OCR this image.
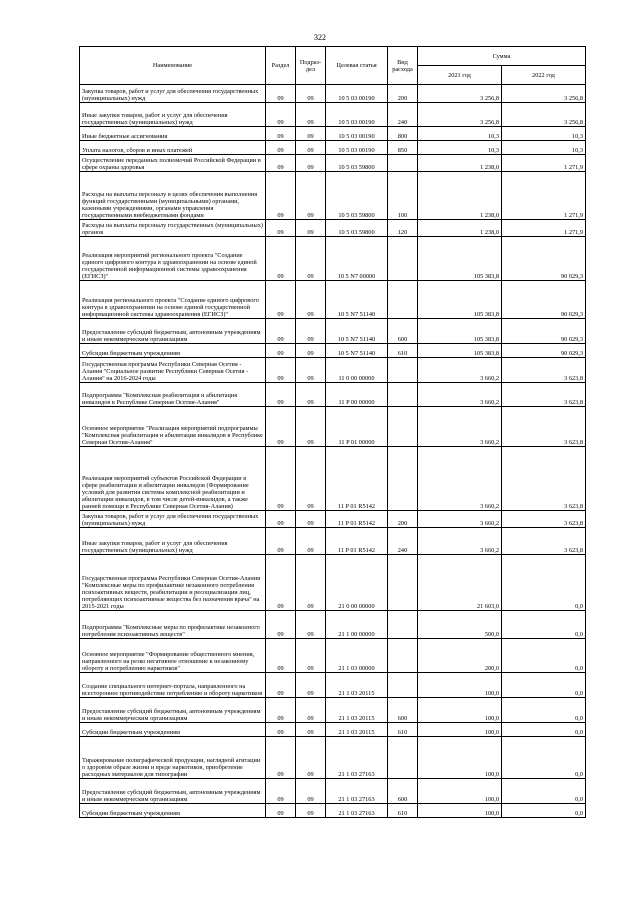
322
Наименование	Раздел	Подраз-дел	Целевая статья	Вид расхода	Сумма	
					2021 год	2022 год
Закупка товаров, работ и услуг для обеспечения государственных (муниципальных) нужд	09	09	10 5 03 00190	200	3 256,8	3 256,8
Иные закупки товаров, работ и услуг для обеспечения государственных (муниципальных) нужд	09	09	10 5 03 00190	240	3 256,8	3 256,8
Иные бюджетные ассигнования	09	09	10 5 03 00190	800	10,3	10,3
Уплата налогов, сборов и иных платежей	09	09	10 5 03 00190	850	10,3	10,3
Осуществление переданных полномочий Российской Федерации в сфере охраны здоровья	09	09	10 5 03 59800		1 238,0	1 271,9
Расходы на выплаты персоналу в целях обеспечения выполнения функций государственными (муниципальными) органами, казенными учреждениями, органами управления государственными внебюджетными фондами	09	09	10 5 03 59800	100	1 238,0	1 271,9
Расходы на выплаты персоналу государственных (муниципальных) органов	09	09	10 5 03 59800	120	1 238,0	1 271,9
Реализация мероприятий регионального проекта "Создание единого цифрового контура в здравоохранении на основе единой государственной информационной системы здравоохранения (ЕГИСЗ)"	09	09	10 5 N7 00000		105 383,8	90 029,3
Реализация регионального проекта "Создание единого цифрового контура в здравоохранении на основе единой государственной информационной системы здравоохранения (ЕГИСЗ)"	09	09	10 5 N7 51140		105 383,8	90 029,3
Предоставление субсидий бюджетным, автономным учреждениям и иным некоммерческим организациям	09	09	10 5 N7 51140	600	105 383,8	90 029,3
Субсидии бюджетным учреждениям	09	09	10 5 N7 51140	610	105 383,8	90 029,3
Государственная программа Республики Северная Осетия - Алания "Социальное развитие Республики Северная Осетия - Алания" на 2016-2024 годы	09	09	11 0 00 00000		3 660,2	3 623,8
Подпрограмма "Комплексная реабилитация и абилитация инвалидов в Республике Северная Осетия-Алания"	09	09	11 P 00 00000		3 660,2	3 623,8
Основное мероприятие "Реализация мероприятий подпрограммы "Комплексная реабилитация и абилитация инвалидов в Республике Северная Осетия-Алания"	09	09	11 P 01 00000		3 660,2	3 623,8
Реализация мероприятий субъектов Российской Федерации в сфере реабилитации и абилитации инвалидов (Формирование условий для развития системы комплексной реабилитации и абилитации инвалидов, в том числе детей-инвалидов, а также ранней помощи в Республике Северная Осетия-Алания)	09	09	11 P 01 R5142		3 660,2	3 623,8
Закупка товаров, работ и услуг для обеспечения государственных (муниципальных) нужд	09	09	11 P 01 R5142	200	3 660,2	3 623,8
Иные закупки товаров, работ и услуг для обеспечения государственных (муниципальных) нужд	09	09	11 P 01 R5142	240	3 660,2	3 623,8
Государственная программа Республики Северная Осетия-Алания "Комплексные меры по профилактике незаконного потребления психоактивных веществ, реабилитации и ресоциализации лиц, потребляющих психоактивные вещества без назначения врача" на 2015-2021 годы	09	09	21 0 00 00000		21 603,0	0,0
Подпрограмма "Комплексные меры по профилактике незаконного потребления психоактивных веществ"	09	09	21 1 00 00000		500,0	0,0
Основное мероприятие "Формирование общественного мнения, направленного на резко негативное отношение к незаконному обороту и потреблению наркотиков"	09	09	21 1 03 00000		200,0	0,0
Создание специального интернет-портала, направленного на всестороннее противодействие потреблению и обороту наркотиков	09	09	21 1 03 20115		100,0	0,0
Предоставление субсидий бюджетным, автономным учреждениям и иным некоммерческим организациям	09	09	21 1 03 20115	600	100,0	0,0
Субсидии бюджетным учреждениям	09	09	21 1 03 20115	610	100,0	0,0
Тиражирование полиграфической продукции, наглядной агитации о здоровом образе жизни и вреде наркотиков, приобретение расходных материалов для типографии	09	09	21 1 03 27163		100,0	0,0
Предоставление субсидий бюджетным, автономным учреждениям и иным некоммерческим организациям	09	09	21 1 03 27163	600	100,0	0,0
Субсидии бюджетным учреждениям	09	09	21 1 03 27163	610	100,0	0,0
